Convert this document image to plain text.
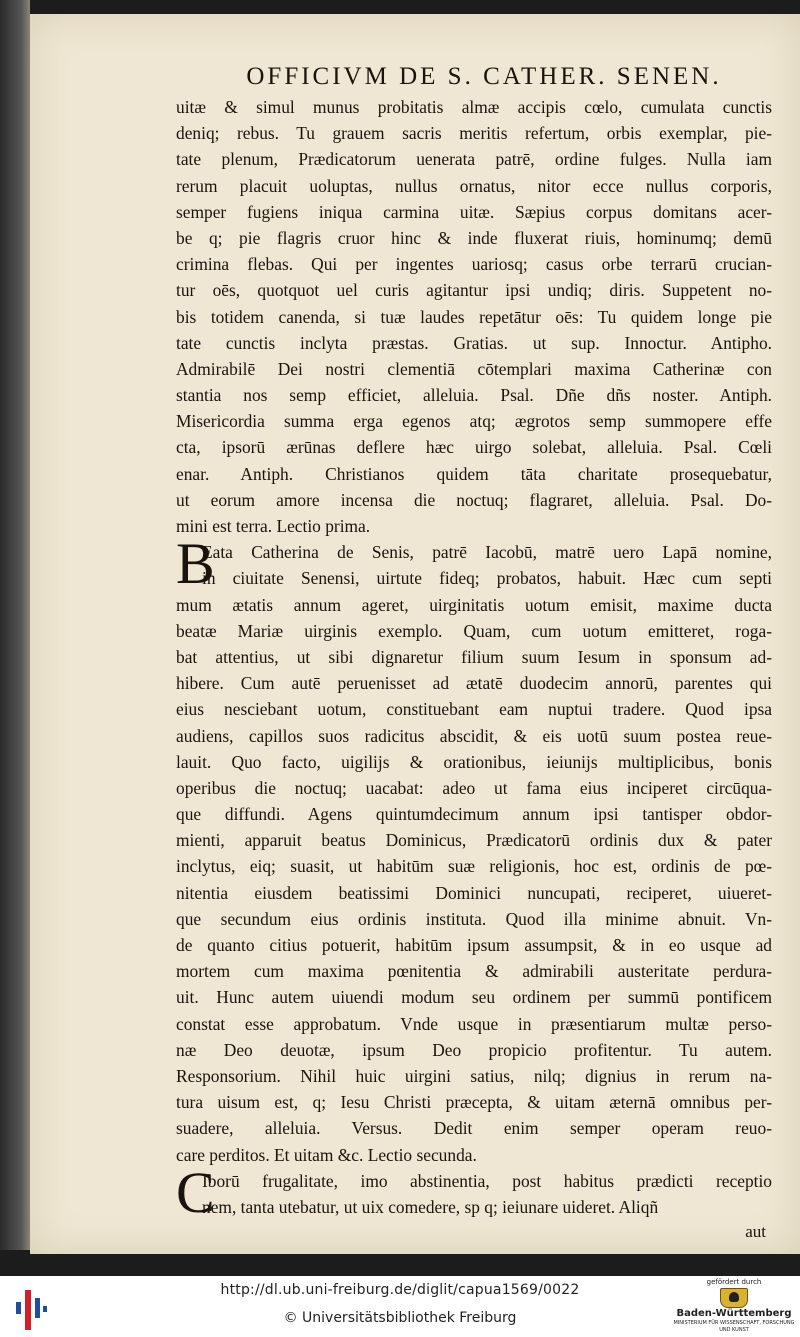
OFFICIVM DE S. CATHER. SENEN.
uitæ & simul munus probitatis almæ accipis cœlo, cumulata cunctis
deniq; rebus. Tu grauem sacris meritis refertum, orbis exemplar, pie-
tate plenum, Prædicatorum uenerata patrē, ordine fulges. Nulla iam
rerum placuit uoluptas, nullus ornatus, nitor ecce nullus corporis,
semper fugiens iniqua carmina uitæ. Sæpius corpus domitans acer-
be q; pie flagris cruor hinc & inde fluxerat riuis, hominumq; demū
crimina flebas. Qui per ingentes uariosq; casus orbe terrarū crucian-
tur oēs, quotquot uel curis agitantur ipsi undiq; diris. Suppetent no-
bis totidem canenda, si tuæ laudes repetātur oēs: Tu quidem longe pie
tate cunctis inclyta præstas. Gratias. ut sup. Innoctur. Antipho.
Admirabilē Dei nostri clementiā cōtemplari maxima Catherinæ con
stantia nos semp efficiet, alleluia. Psal. Dñe dñs noster. Antiph.
Misericordia summa erga egenos atq; ægrotos semp summopere effe
cta, ipsorū ærūnas deflere hæc uirgo solebat, alleluia. Psal. Cœli
enar. Antiph. Christianos quidem tāta charitate prosequebatur,
ut eorum amore incensa die noctuq; flagraret, alleluia. Psal. Do-
mini est terra. Lectio prima.
B
Eata Catherina de Senis, patrē Iacobū, matrē uero Lapā nomine,
in ciuitate Senensi, uirtute fideq; probatos, habuit. Hæc cum septi
mum ætatis annum ageret, uirginitatis uotum emisit, maxime ducta
beatæ Mariæ uirginis exemplo. Quam, cum uotum emitteret, roga-
bat attentius, ut sibi dignaretur filium suum Iesum in sponsum ad-
hibere. Cum autē peruenisset ad ætatē duodecim annorū, parentes qui
eius nesciebant uotum, constituebant eam nuptui tradere. Quod ipsa
audiens, capillos suos radicitus abscidit, & eis uotū suum postea reue-
lauit. Quo facto, uigilijs & orationibus, ieiunijs multiplicibus, bonis
operibus die noctuq; uacabat: adeo ut fama eius inciperet circūqua-
que diffundi. Agens quintumdecimum annum ipsi tantisper obdor-
mienti, apparuit beatus Dominicus, Prædicatorū ordinis dux & pater
inclytus, eiq; suasit, ut habitūm suæ religionis, hoc est, ordinis de pœ-
nitentia eiusdem beatissimi Dominici nuncupati, reciperet, uiueret-
que secundum eius ordinis instituta. Quod illa minime abnuit. Vn-
de quanto citius potuerit, habitūm ipsum assumpsit, & in eo usque ad
mortem cum maxima pœnitentia & admirabili austeritate perdura-
uit. Hunc autem uiuendi modum seu ordinem per summū pontificem
constat esse approbatum. Vnde usque in præsentiarum multæ perso-
næ Deo deuotæ, ipsum Deo propicio profitentur. Tu autem.
Responsorium. Nihil huic uirgini satius, nilq; dignius in rerum na-
tura uisum est, q; Iesu Christi præcepta, & uitam æternā omnibus per-
suadere, alleluia. Versus. Dedit enim semper operam reuo-
care perditos. Et uitam &c. Lectio secunda.
C
Iborū frugalitate, imo abstinentia, post habitus prædicti receptio
nem, tanta utebatur, ut uix comedere, sp q; ieiunare uideret. Aliqñ
aut
http://dl.ub.uni-freiburg.de/diglit/capua1569/0022
© Universitätsbibliothek Freiburg
gefördert durch
Baden-Württemberg
MINISTERIUM FÜR WISSENSCHAFT, FORSCHUNG UND KUNST
